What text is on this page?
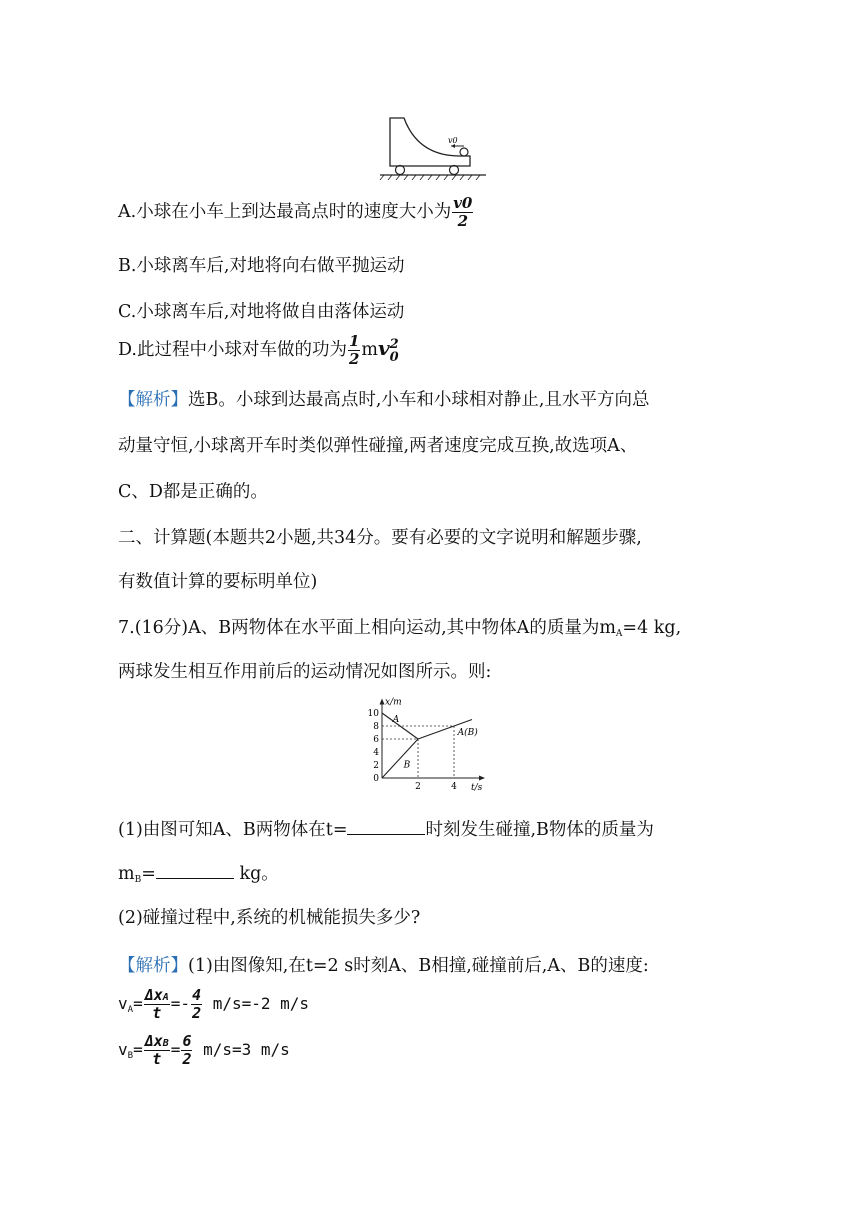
v0
A.小球在小车上到达最高点时的速度大小为 $\frac{v0}{2}$
B.小球离车后,对地将向右做平抛运动
C.小球离车后,对地将做自由落体运动
D.此过程中小球对车做的功为 $\frac{1}{2}$ mv 2
0
【解析】选B。小球到达最高点时,小车和小球相对静止,且水平方向总
动量守恒,小球离开车时类似弹性碰撞,两者速度完成互换,故选项A、
C、D都是正确的。
二、计算题(本题共2小题,共34分。要有必要的文字说明和解题步骤,
有数值计算的要标明单位)
7.(16分)A、B两物体在水平面上相向运动,其中物体A的质量为$m_A=4$ kg,
两球发生相互作用前后的运动情况如图所示。则:
x/m
t/s
0
2
4
6
8
10
2	4
A
B
A(B)
(1)由图可知A、B两物体在t=	时刻发生碰撞,B物体的质量为
$m_B=$	kg。
(2)碰撞过程中,系统的机械能损失多少?
【解析】(1)由图像知,在t=2 s时刻A、B相撞,碰撞前后,A、B的速度:
$v_A= \frac{\text{ΔxA}}{t} =- \frac{4}{2} m/s=-2$ m/s
$v_B= \frac{\text{ΔxB}}{t} = \frac{6}{2} m/s=3$ m/s
